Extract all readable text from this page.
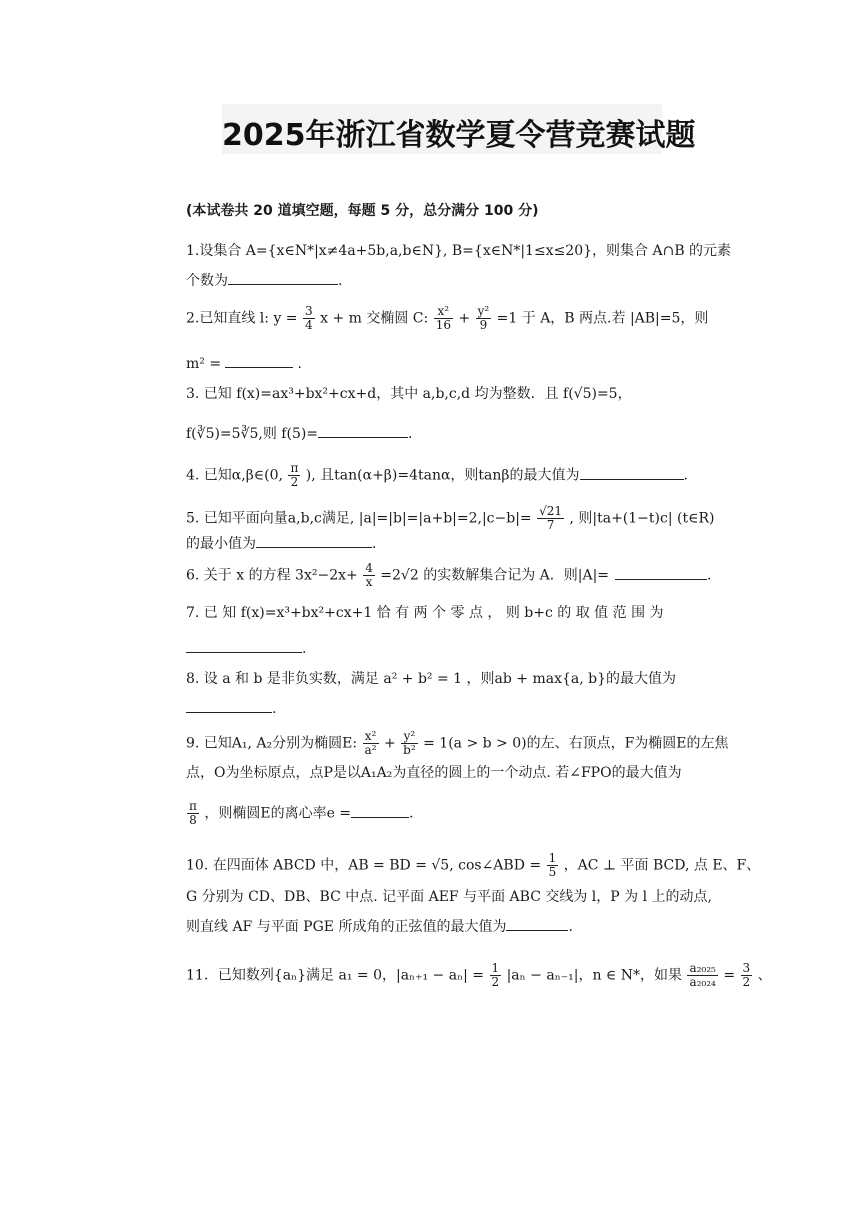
2025年浙江省数学夏令营竞赛试题
(本试卷共 20 道填空题，每题 5 分，总分满分 100 分)
1.设集合 A={x∈N*|x≠4a+5b,a,b∈N}, B={x∈N*|1≤x≤20}，则集合 A∩B 的元素
个数为	.
2.已知直线 l: $y = \frac{3}{4}$ x + m 交椭圆 C: $\frac{\text{x²}}{16} + \frac{\text{y²}}{9} =1$ 于 A，B 两点.若 |AB|=5，则
m² =	.
3. 已知 f(x)=ax³+bx²+cx+d，其中 a,b,c,d 均为整数．且 f(√5)=5，
f(∛5)=5∛5,则 f(5)=	.
4. 已知α,β∈(0, $\frac{\pi}{2}$ ), 且tan(α+β)=4tanα，则tanβ的最大值为	.
5. 已知平面向量a,b,c满足, $|a|=|b|=|a+b|=2,|c-b|= \frac{√21}{7}$ , 则|ta+(1−t)c| (t∈R)
的最小值为	.
6. 关于 x 的方程 $3x^2-2x+ \frac{4}{x} =2√2$ 的实数解集合记为 A．则|A|=	.
7. 已 知 f(x)=x³+bx²+cx+1 恰 有 两 个 零 点 ， 则 b+c 的 取 值 范 围 为
.
8. 设 a 和 b 是非负实数，满足 a² + b² = 1 ，则ab + max{a, b}的最大值为
.
9. 已知A₁, A₂分别为椭圆E: $\frac{\text{x²}}{\text{a²}} + \frac{\text{y²}}{\text{b²}} = 1(a > b > 0)$的左、右顶点，F为椭圆E的左焦
点，O为坐标原点，点P是以A₁A₂为直径的圆上的一个动点. 若∠FPO的最大值为
$\frac{\pi}{8}$ ，则椭圆E的离心率e =	.
10. 在四面体 ABCD 中，AB = BD = √5, cos∠ABD = $\frac{1}{5}$ ，AC ⊥ 平面 BCD, 点 E、F、
G 分别为 CD、DB、BC 中点. 记平面 AEF 与平面 ABC 交线为 l，P 为 l 上的动点,
则直线 AF 与平面 PGE 所成角的正弦值的最大值为	.
11．已知数列{aₙ}满足 a₁ = 0，$|a_{n+1} - a_n| = \frac{1}{2} |a_n - a_{n-1}|$，n ∈ N*，如果 $\frac{\text{a₂₀₂₅}}{\text{a₂₀₂₄}} = \frac{3}{2}$ 、
